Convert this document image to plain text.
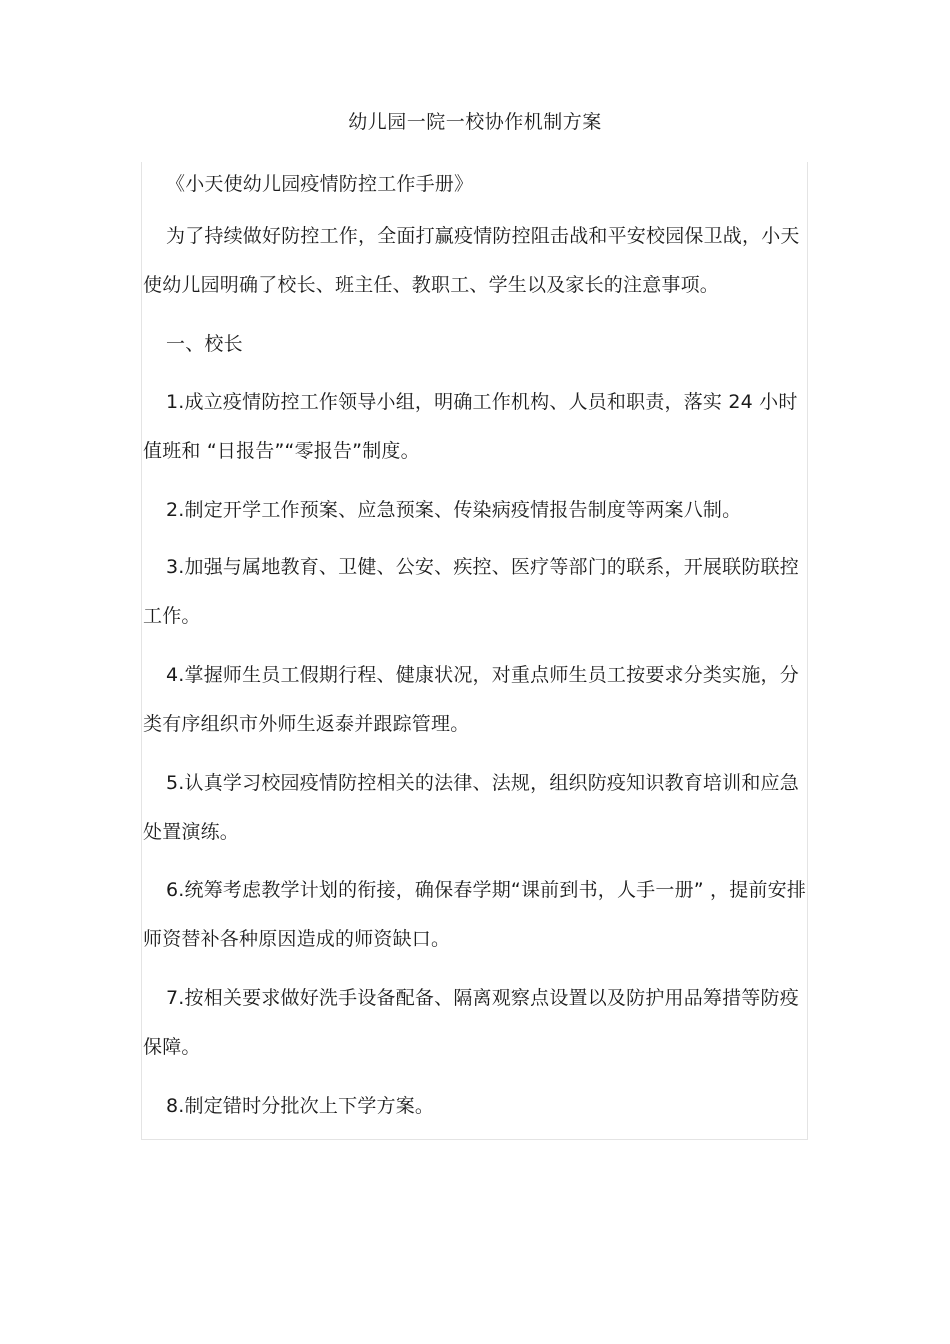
幼儿园一院一校协作机制方案
《小天使幼儿园疫情防控工作手册》
为了持续做好防控工作，全面打赢疫情防控阻击战和平安校园保卫战，小天使幼儿园明确了校长、班主任、教职工、学生以及家长的注意事项。
一、校长
1.成立疫情防控工作领导小组，明确工作机构、人员和职责，落实 24 小时值班和 “日报告”“零报告”制度。
2.制定开学工作预案、应急预案、传染病疫情报告制度等两案八制。
3.加强与属地教育、卫健、公安、疾控、医疗等部门的联系，开展联防联控工作。
4.掌握师生员工假期行程、健康状况，对重点师生员工按要求分类实施，分类有序组织市外师生返泰并跟踪管理。
5.认真学习校园疫情防控相关的法律、法规，组织防疫知识教育培训和应急处置演练。
6.统筹考虑教学计划的衔接，确保春学期“课前到书，人手一册” ，提前安排师资替补各种原因造成的师资缺口。
7.按相关要求做好洗手设备配备、隔离观察点设置以及防护用品筹措等防疫保障。
8.制定错时分批次上下学方案。
